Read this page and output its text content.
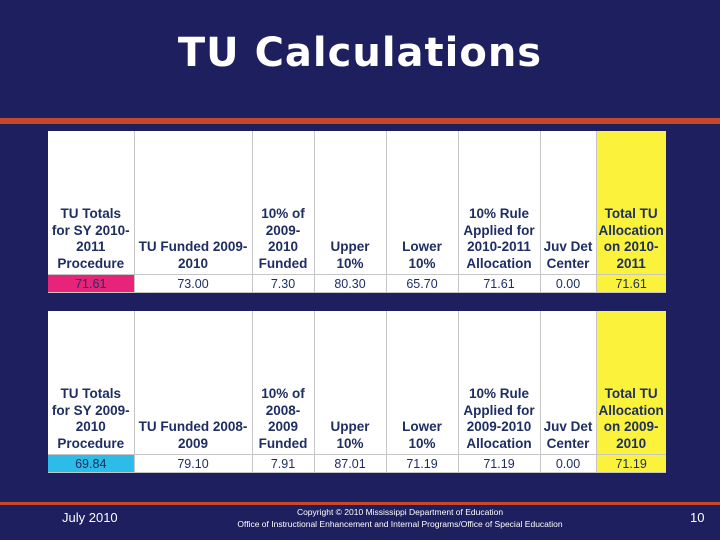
TU Calculations
TU Totals for SY 2010-2011 Procedure	TU Funded 2009-2010	10% of 2009-2010 Funded	Upper 10%	Lower 10%	10% Rule Applied for 2010-2011 Allocation	Juv Det Center	Total TU Allocation on 2010-2011
71.61	73.00	7.30	80.30	65.70	71.61	0.00	71.61
TU Totals for SY 2009-2010 Procedure	TU Funded 2008-2009	10% of 2008-2009 Funded	Upper 10%	Lower 10%	10% Rule Applied for 2009-2010 Allocation	Juv Det Center	Total TU Allocation on 2009-2010
69.84	79.10	7.91	87.01	71.19	71.19	0.00	71.19
July 2010	Copyright © 2010 Mississippi Department of Education
Office of Instructional Enhancement and Internal Programs/Office of Special Education	10
